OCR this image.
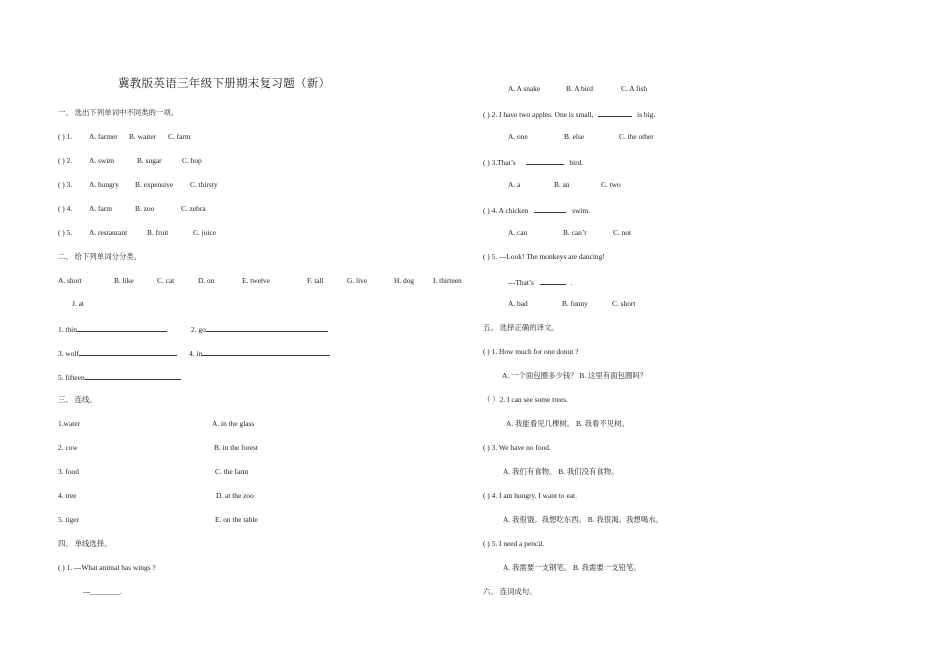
冀教版英语三年级下册期末复习题（新）
一、 选出下列单词中不同类的一项。
( ) 1. A. farmer B. waiter C. farm
( ) 2. A. swim	B. sugar	C. hop
( ) 3. A. hungry B. expensive C. thirsty
( ) 4. A. farm	B. zoo	C. zebra
( ) 5. A. restaurant	B. fruit	C. juice
二、 给下列单词分分类。
A. short	B. like	C. cat	D. on	E. twelve	F. tall	G. live	H. dog	I. thirteen
J. at
1. thin	2. go
3. wolf	4. in
5. fifteen
三、 连线。
1.water	A. in the glass
2. cow	B. in the forest
3. food	C. the farm
4. tree	D. at the zoo
5. tiger	E. on the table
四、 单线选择。
( ) 1. ---What animal has wings ?
---________.
A. A snake	B. A bird	C. A fish
( ) 2. I have two apples. One is small,	is big.
A. one	B. else	C. the other
( ) 3.That’s	bird.
A. a	B. an	C. two
( ) 4. A chicken	swim.
A. can	B. can’t	C. not
( ) 5. ---Look! The monkeys are dancing!
---That’s	.
A. bad	B. funny	C. short
五、 选择正确的译文。
( ) 1. How much for one donut ?
A. 一个面包圈多少钱？ B. 这里有面包圈吗？
（ ）2. I can see some trees.
A. 我能看见几棵树。 B. 我看不见树。
( ) 3. We have no food.
A. 我们有食物。 B. 我们没有食物。
( ) 4. I am hungry. I want to eat.
A. 我很饿。我想吃东西。 B. 我很渴。我想喝水。
( ) 5. I need a pencil.
A. 我需要一支钢笔。 B. 我需要一支铅笔。
六、 连词成句。
